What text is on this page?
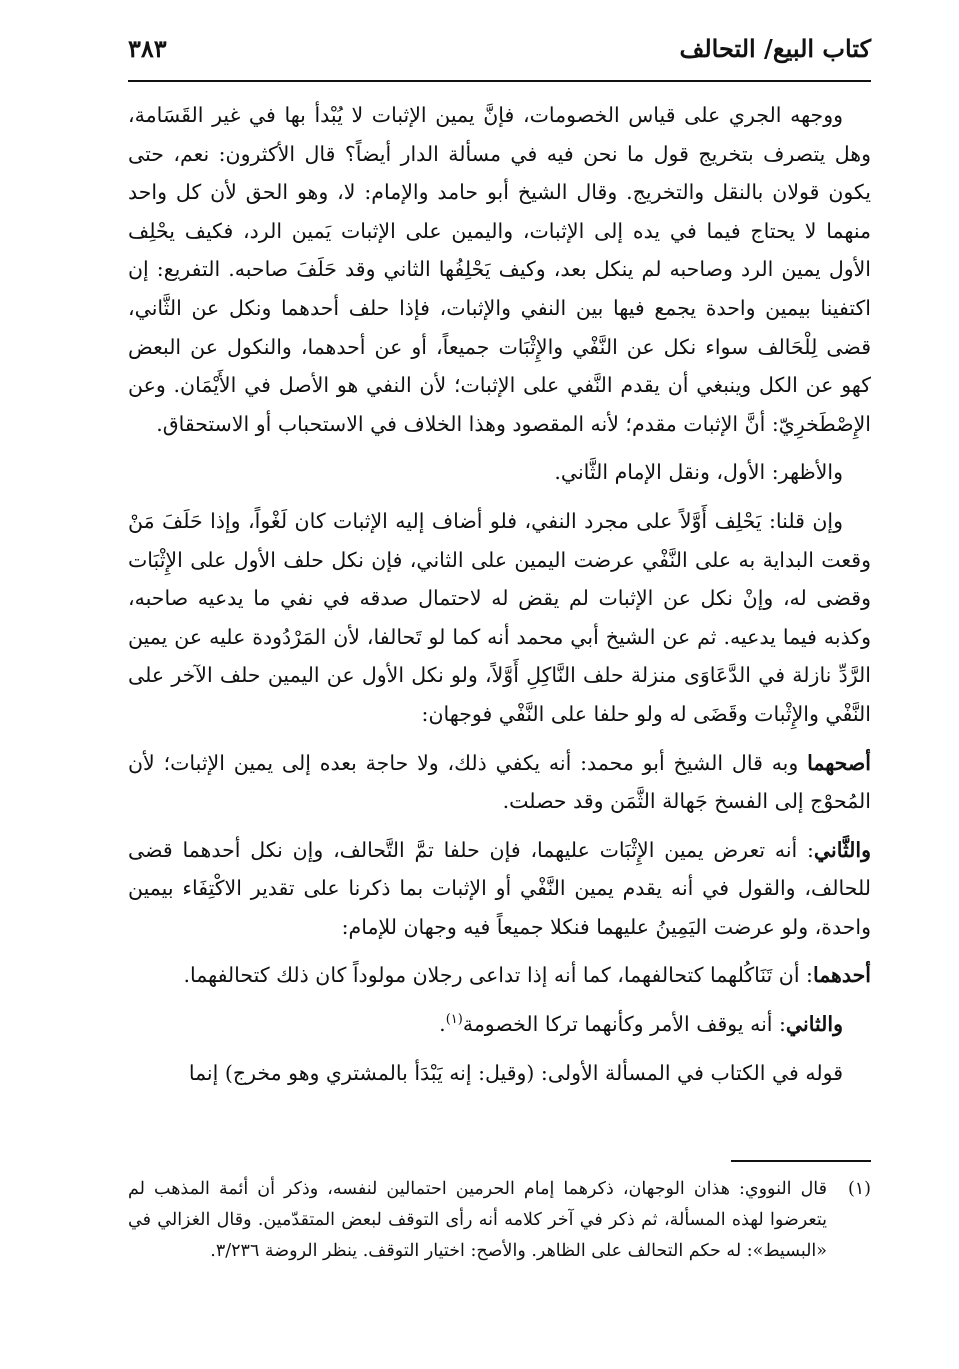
كتاب البيع/ التحالف
٣٨٣

ووجهه الجري على قياس الخصومات، فإنَّ يمين الإثبات لا يُبْدأ بها في غير القَسَامة، وهل يتصرف بتخريج قول ما نحن فيه في مسألة الدار أيضاً؟ قال الأكثرون: نعم، حتى يكون قولان بالنقل والتخريج. وقال الشيخ أبو حامد والإمام: لا، وهو الحق لأن كل واحد منهما لا يحتاج فيما في يده إلى الإثبات، واليمين على الإثبات يَمين الرد، فكيف يحْلِف الأول يمين الرد وصاحبه لم ينكل بعد، وكيف يَحْلِفُها الثاني وقد حَلَفَ صاحبه. التفريع: إن اكتفينا بيمين واحدة يجمع فيها بين النفي والإثبات، فإذا حلف أحدهما ونكل عن الثَّاني، قضى لِلْحَالف سواء نكل عن النَّفْي والإِثْبَات جميعاً، أو عن أحدهما، والنكول عن البعض كهو عن الكل وينبغي أن يقدم النَّفي على الإثبات؛ لأن النفي هو الأصل في الأَيْمَان. وعن الإِصْطَخرِيّ: أنَّ الإثبات مقدم؛ لأنه المقصود وهذا الخلاف في الاستحباب أو الاستحقاق.

والأظهر: الأول، ونقل الإمام الثَّاني.

وإن قلنا: يَحْلِف أَوَّلاً على مجرد النفي، فلو أضاف إليه الإثبات كان لَغْواً، وإذا حَلَفَ مَنْ وقعت البداية به على النَّفْي عرضت اليمين على الثاني، فإن نكل حلف الأول على الإِثْبَات وقضى له، وإنْ نكل عن الإثبات لم يقض له لاحتمال صدقه في نفي ما يدعيه صاحبه، وكذبه فيما يدعيه. ثم عن الشيخ أبي محمد أنه كما لو تَحالفا، لأن المَرْدُودة عليه عن يمين الرَّدِّ نازلة في الدَّعَاوَى منزلة حلف النَّاكِلِ أَوَّلاً، ولو نكل الأول عن اليمين حلف الآخر على النَّفْي والإِثْبات وقَضَى له ولو حلفا على النَّفْي فوجهان:

أصحهما وبه قال الشيخ أبو محمد: أنه يكفي ذلك، ولا حاجة بعده إلى يمين الإثبات؛ لأن المُحوْج إلى الفسخ جَهالة الثَّمَن وقد حصلت.

والثَّاني: أنه تعرض يمين الإِثْبَات عليهما، فإن حلفا تمَّ التَّحالف، وإن نكل أحدهما قضى للحالف، والقول في أنه يقدم يمين النَّفْي أو الإثبات بما ذكرنا على تقدير الاكْتِفَاء بيمين واحدة، ولو عرضت اليَمِينُ عليهما فنكلا جميعاً فيه وجهان للإمام:

أحدهما: أن تَنَاكُلهما كتحالفهما، كما أنه إذا تداعى رجلان مولوداً كان ذلك كتحالفهما.

والثاني: أنه يوقف الأمر وكأنهما تركا الخصومة$^{(١)}$.

قوله في الكتاب في المسألة الأولى: (وقيل: إنه يَبْدَأ بالمشتري وهو مخرج) إنما

(١)
قال النووي: هذان الوجهان، ذكرهما إمام الحرمين احتمالين لنفسه، وذكر أن أئمة المذهب لم يتعرضوا لهذه المسألة، ثم ذكر في آخر كلامه أنه رأى التوقف لبعض المتقدّمين. وقال الغزالي في «البسيط»: له حكم التحالف على الظاهر. والأصح: اختيار التوقف. ينظر الروضة ٣/٢٣٦.
